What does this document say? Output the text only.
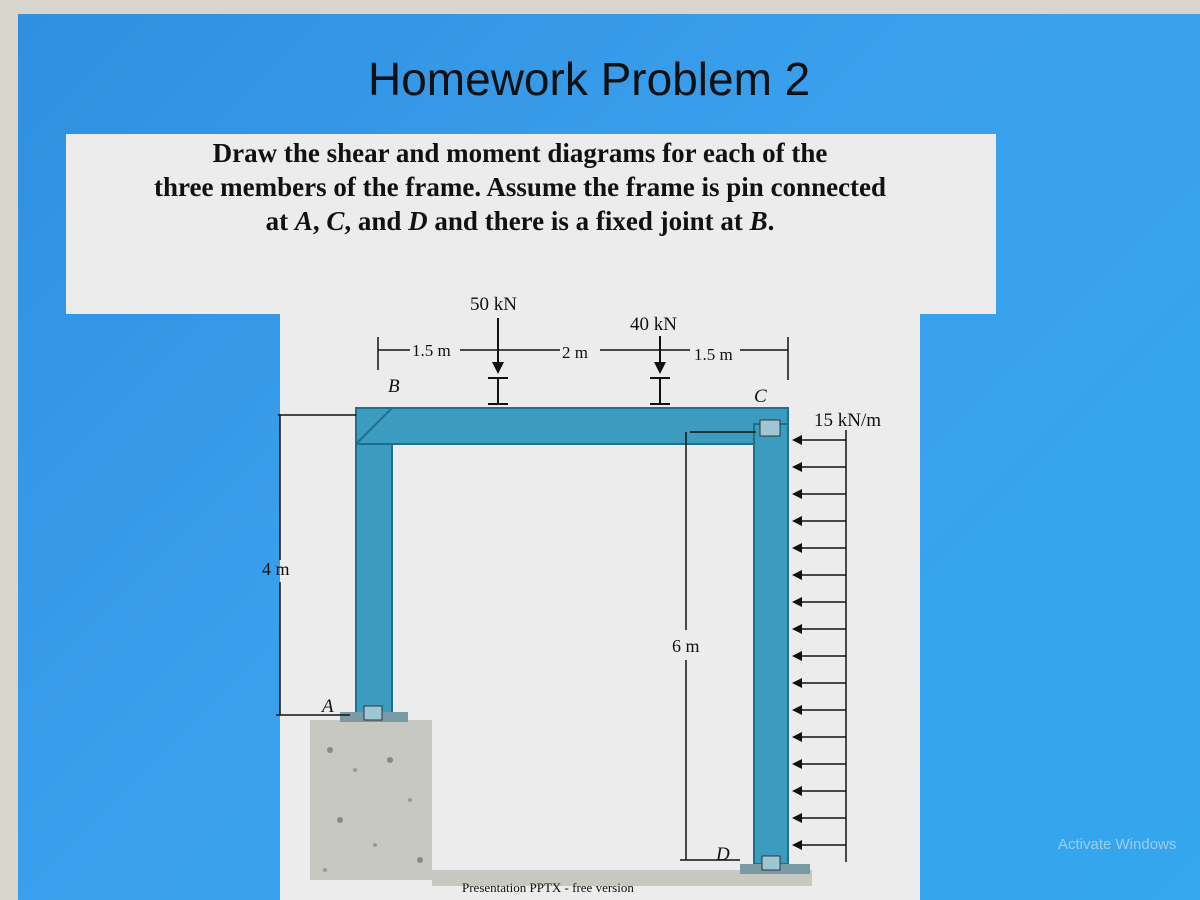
Homework Problem 2
Draw the shear and moment diagrams for each of the
three members of the frame. Assume the frame is pin connected
at A, C, and D and there is a fixed joint at B.
50 kN
40 kN
1.5 m	2 m	1.5 m
15 kN/m
4 m
6 m
A
B	C
D
Presentation PPTX - free version
Activate Windows
